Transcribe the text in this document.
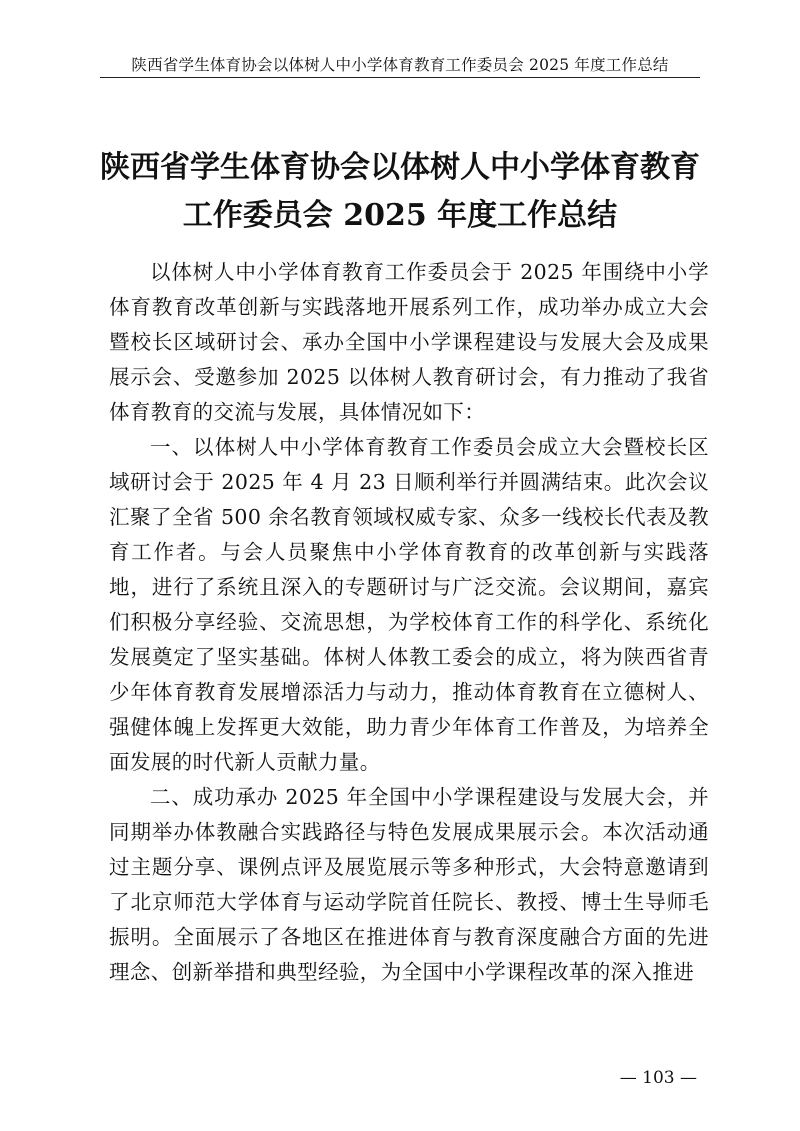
陕西省学生体育协会以体树人中小学体育教育工作委员会 2025 年度工作总结
陕西省学生体育协会以体树人中小学体育教育
工作委员会 2025 年度工作总结

以体树人中小学体育教育工作委员会于 2025 年围绕中小学体育教育改革创新与实践落地开展系列工作，成功举办成立大会暨校长区域研讨会、承办全国中小学课程建设与发展大会及成果展示会、受邀参加 2025 以体树人教育研讨会，有力推动了我省体育教育的交流与发展，具体情况如下：

一、以体树人中小学体育教育工作委员会成立大会暨校长区域研讨会于 2025 年 4 月 23 日顺利举行并圆满结束。此次会议汇聚了全省 500 余名教育领域权威专家、众多一线校长代表及教育工作者。与会人员聚焦中小学体育教育的改革创新与实践落地，进行了系统且深入的专题研讨与广泛交流。会议期间，嘉宾们积极分享经验、交流思想，为学校体育工作的科学化、系统化发展奠定了坚实基础。体树人体教工委会的成立，将为陕西省青少年体育教育发展增添活力与动力，推动体育教育在立德树人、强健体魄上发挥更大效能，助力青少年体育工作普及，为培养全面发展的时代新人贡献力量。

二、成功承办 2025 年全国中小学课程建设与发展大会，并同期举办体教融合实践路径与特色发展成果展示会。本次活动通过主题分享、课例点评及展览展示等多种形式，大会特意邀请到了北京师范大学体育与运动学院首任院长、教授、博士生导师毛振明。全面展示了各地区在推进体育与教育深度融合方面的先进理念、创新举措和典型经验，为全国中小学课程改革的深入推进

— 103 —
